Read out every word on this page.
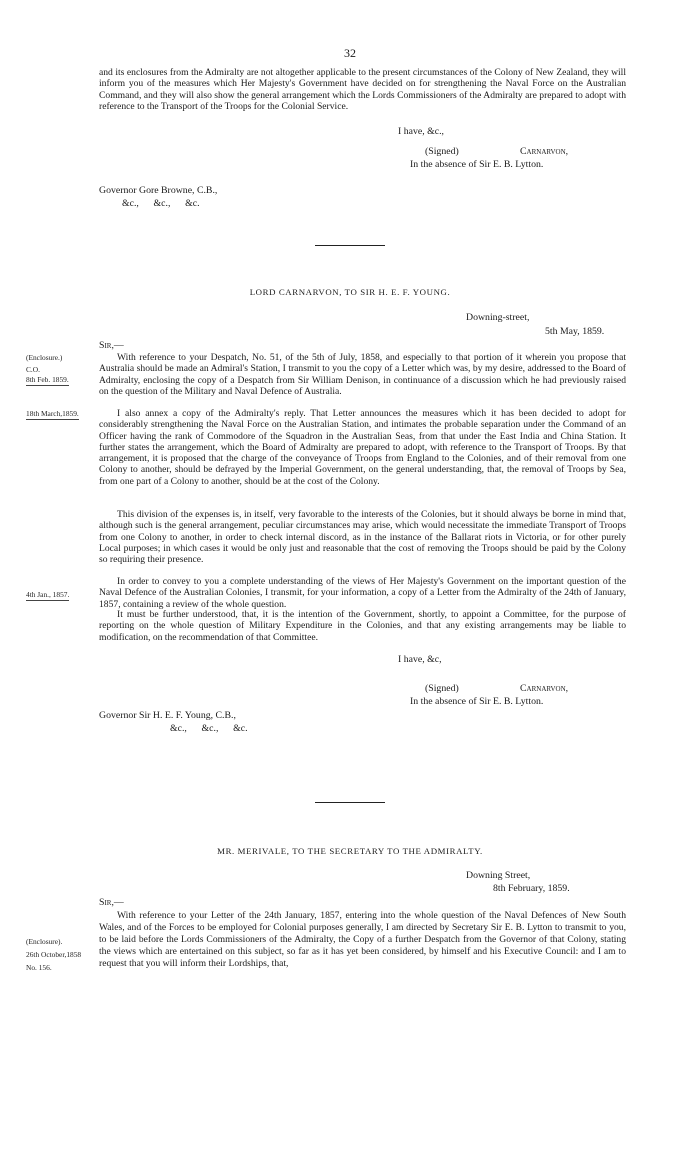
32

and its enclosures from the Admiralty are not altogether applicable to the present circumstances of the Colony of New Zealand, they will inform you of the measures which Her Majesty's Government have decided on for strengthening the Naval Force on the Australian Command, and they will also show the general arrangement which the Lords Commissioners of the Admiralty are prepared to adopt with reference to the Transport of the Troops for the Colonial Service.

I have, &c.,
(Signed)	Carnarvon,
In the absence of Sir E. B. Lytton.
Governor Gore Browne, C.B.,
&c.,      &c.,      &c.
LORD CARNARVON, TO SIR H. E. F. YOUNG.
Downing-street,
5th May, 1859.
Sir,—
(Enclosure.)
C.O.
8th Feb. 1859.
18th March,1859.
4th Jan., 1857.

With reference to your Despatch, No. 51, of the 5th of July, 1858, and especially to that portion of it wherein you propose that Australia should be made an Admiral's Station, I transmit to you the copy of a Letter which was, by my desire, addressed to the Board of Admiralty, enclosing the copy of a Despatch from Sir William Denison, in continuance of a discussion which he had previously raised on the question of the Military and Naval Defence of Australia.

I also annex a copy of the Admiralty's reply. That Letter announces the measures which it has been decided to adopt for considerably strengthening the Naval Force on the Australian Station, and intimates the probable separation under the Command of an Officer having the rank of Commodore of the Squadron in the Australian Seas, from that under the East India and China Station. It further states the arrangement, which the Board of Admiralty are prepared to adopt, with reference to the Transport of Troops. By that arrangement, it is proposed that the charge of the conveyance of Troops from England to the Colonies, and of their removal from one Colony to another, should be defrayed by the Imperial Government, on the general understanding, that, the removal of Troops by Sea, from one part of a Colony to another, should be at the cost of the Colony.

This division of the expenses is, in itself, very favorable to the interests of the Colonies, but it should always be borne in mind that, although such is the general arrangement, peculiar circumstances may arise, which would necessitate the immediate Transport of Troops from one Colony to another, in order to check internal discord, as in the instance of the Ballarat riots in Victoria, or for other purely Local purposes; in which cases it would be only just and reasonable that the cost of removing the Troops should be paid by the Colony so requiring their presence.

In order to convey to you a complete understanding of the views of Her Majesty's Government on the important question of the Naval Defence of the Australian Colonies, I transmit, for your information, a copy of a Letter from the Admiralty of the 24th of January, 1857, containing a review of the whole question.

It must be further understood, that, it is the intention of the Government, shortly, to appoint a Committee, for the purpose of reporting on the whole question of Military Expenditure in the Colonies, and that any existing arrangements may be liable to modification, on the recommendation of that Committee.

I have, &c,
(Signed)	Carnarvon,
In the absence of Sir E. B. Lytton.
Governor Sir H. E. F. Young, C.B.,
&c.,      &c.,      &c.
MR. MERIVALE, TO THE SECRETARY TO THE ADMIRALTY.
Downing Street,
8th February, 1859.
Sir,—
(Enclosure).
26th October,1858
No. 156.

With reference to your Letter of the 24th January, 1857, entering into the whole question of the Naval Defences of New South Wales, and of the Forces to be employed for Colonial purposes generally, I am directed by Secretary Sir E. B. Lytton to transmit to you, to be laid before the Lords Commissioners of the Admiralty, the Copy of a further Despatch from the Governor of that Colony, stating the views which are entertained on this subject, so far as it has yet been considered, by himself and his Executive Council: and I am to request that you will inform their Lordships, that,
